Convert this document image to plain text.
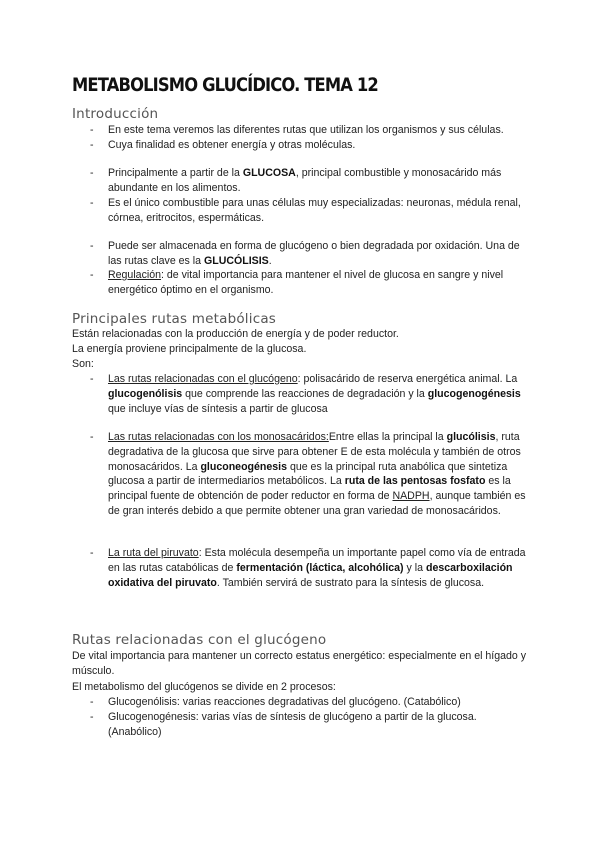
METABOLISMO GLUCÍDICO. TEMA 12
Introducción
- En este tema veremos las diferentes rutas que utilizan los organismos y sus células.
- Cuya finalidad es obtener energía y otras moléculas.
- Principalmente a partir de la GLUCOSA, principal combustible y monosacárido más abundante en los alimentos.
- Es el único combustible para unas células muy especializadas: neuronas, médula renal, córnea, eritrocitos, espermáticas.
- Puede ser almacenada en forma de glucógeno o bien degradada por oxidación. Una de las rutas clave es la GLUCÓLISIS.
- Regulación: de vital importancia para mantener el nivel de glucosa en sangre y nivel energético óptimo en el organismo.
Principales rutas metabólicas
Están relacionadas con la producción de energía y de poder reductor.
La energía proviene principalmente de la glucosa.
Son:
- Las rutas relacionadas con el glucógeno: polisacárido de reserva energética animal. La glucogenólisis que comprende las reacciones de degradación y la glucogenogénesis que incluye vías de síntesis a partir de glucosa
- Las rutas relacionadas con los monosacáridos:Entre ellas la principal la glucólisis, ruta degradativa de la glucosa que sirve para obtener E de esta molécula y también de otros monosacáridos. La gluconeogénesis que es la principal ruta anabólica que sintetiza glucosa a partir de intermediarios metabólicos. La ruta de las pentosas fosfato es la principal fuente de obtención de poder reductor en forma de NADPH, aunque también es de gran interés debido a que permite obtener una gran variedad de monosacáridos.
- La ruta del piruvato: Esta molécula desempeña un importante papel como vía de entrada en las rutas catabólicas de fermentación (láctica, alcohólica) y la descarboxilación oxidativa del piruvato. También servirá de sustrato para la síntesis de glucosa.
Rutas relacionadas con el glucógeno
De vital importancia para mantener un correcto estatus energético: especialmente en el hígado y músculo.
El metabolismo del glucógenos se divide en 2 procesos:
- Glucogenólisis: varias reacciones degradativas del glucógeno. (Catabólico)
- Glucogenogénesis: varias vías de síntesis de glucógeno a partir de la glucosa. (Anabólico)
